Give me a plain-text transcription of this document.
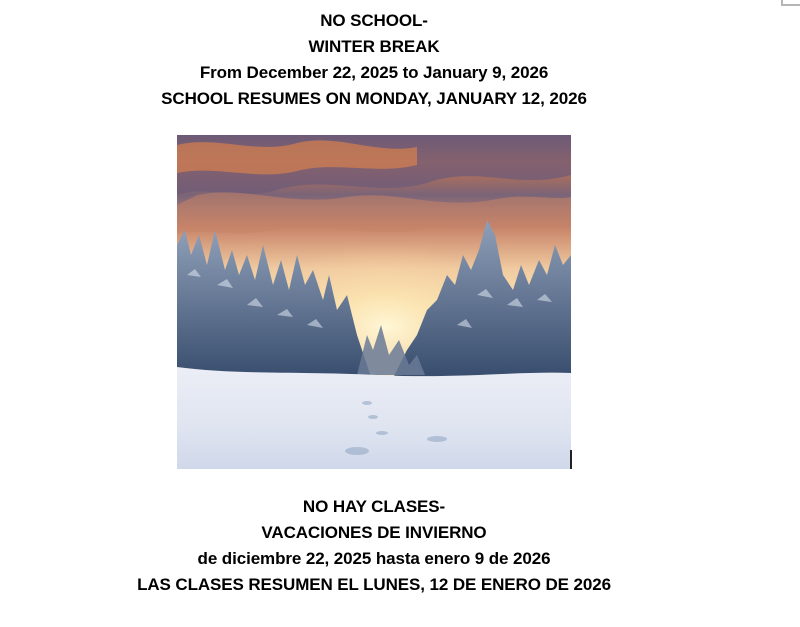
NO SCHOOL-
WINTER BREAK
From December 22, 2025 to January 9, 2026
SCHOOL RESUMES ON MONDAY, JANUARY 12, 2026
NO HAY CLASES-
VACACIONES DE INVIERNO
de diciembre 22, 2025 hasta enero 9 de 2026
LAS CLASES RESUMEN EL LUNES, 12 DE ENERO DE 2026
